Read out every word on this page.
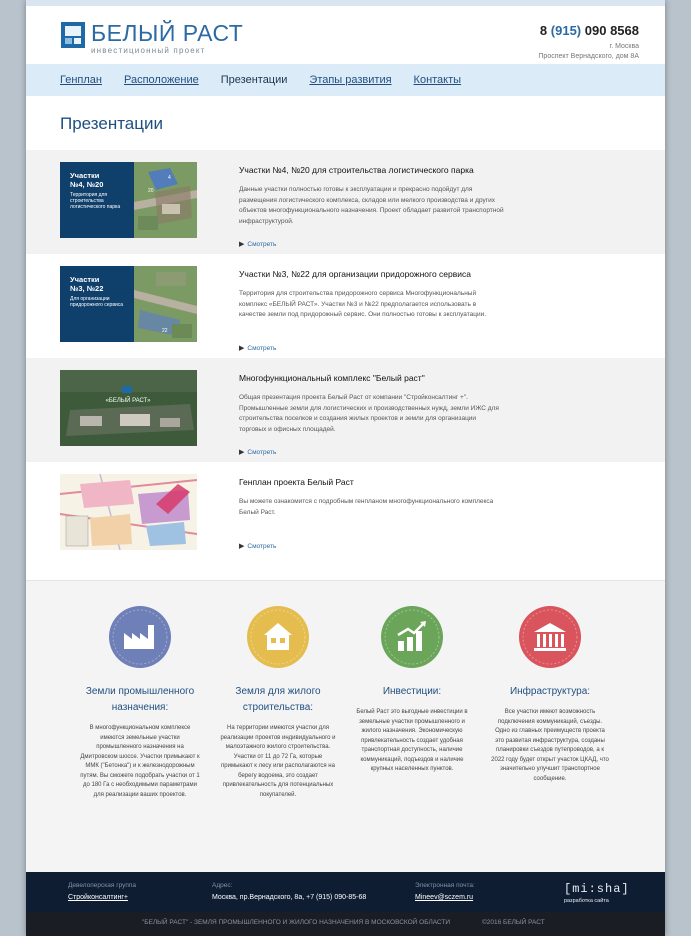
БЕЛЫЙ РАСТ
инвестиционный проект
8 (915) 090 8568
г. Москва
Проспект Вернадского, дом 8А
Генплан Расположение Презентации Этапы развития Контакты
Презентации
4
20
Участки
№4, №20
Территория для строительства логистического парка
Участки №4, №20 для строительства логистического парка
Данные участки полностью готовы к эксплуатации и прекрасно подойдут для размещения логистического комплекса, складов или мелкого производства и других объектов многофункционального назначения. Проект обладает развитой транспортной инфраструктурой.
▶ Смотреть
22
Участки
№3, №22
Для организации придорожного сервиса
Участки №3, №22 для организации придорожного сервиса
Территория для строительства придорожного сервиса Многофункциональный комплекс «БЕЛЫЙ РАСТ». Участки №3 и №22 предполагается использовать в качестве земли под придорожный сервис. Они полностью готовы к эксплуатации.
▶ Смотреть
«БЕЛЫЙ РАСТ»
Многофункциональный комплекс "Белый раст"
Общая презентация проекта Белый Раст от компании "Стройконсалтинг +". Промышленные земли для логистических и производственных нужд, земли ИЖС для строительства поселков и создания жилых проектов и земли для организации торговых и офисных площадей.
▶ Смотреть
Генплан проекта Белый Раст
Вы можете ознакомится с подробным генпланом многофункционального комплекса Белый Раст.
▶ Смотреть
Земли промышленного назначения:
В многофункциональном комплексе имеются земельные участки промышленного назначения на Дмитровском шоссе. Участки примыкают к ММК ("Бетонка") и к железнодорожным путям. Вы сможете подобрать участки от 1 до 180 Га с необходимыми параметрами для реализации ваших проектов.
Земля для жилого строительства:
На территории имеются участки для реализации проектов индивидуального и малоэтажного жилого строительства. Участки от 11 до 72 Га, которые примыкают к лесу или располагаются на берегу водоема, это создает привлекательность для потенциальных покупателей.
Инвестиции:
Белый Раст это выгодные инвестиции в земельные участки промышленного и жилого назначения. Экономическую привлекательность создает удобная транспортная доступность, наличие коммуникаций, подъездов и наличие крупных населенных пунктов.
Инфраструктура:
Все участки имеют возможность подключения коммуникаций, съезды. Одно из главных преимуществ проекта это развитая инфраструктура, созданы планировки съездов путепроводов, а к 2022 году будет открыт участок ЦКАД, что значительно улучшит транспортное сообщение.
Девелоперская группа
Стройконсалтинг+
Адрес:
Москва, пр.Вернадского, 8а, +7 (915) 090-85-68
Электронная почта:
Mineev@sczem.ru
[mi:sha]
разработка сайта
"БЕЛЫЙ РАСТ" - ЗЕМЛЯ ПРОМЫШЛЕННОГО И ЖИЛОГО НАЗНАЧЕНИЯ В МОСКОВСКОЙ ОБЛАСТИ	©2016 БЕЛЫЙ РАСТ
